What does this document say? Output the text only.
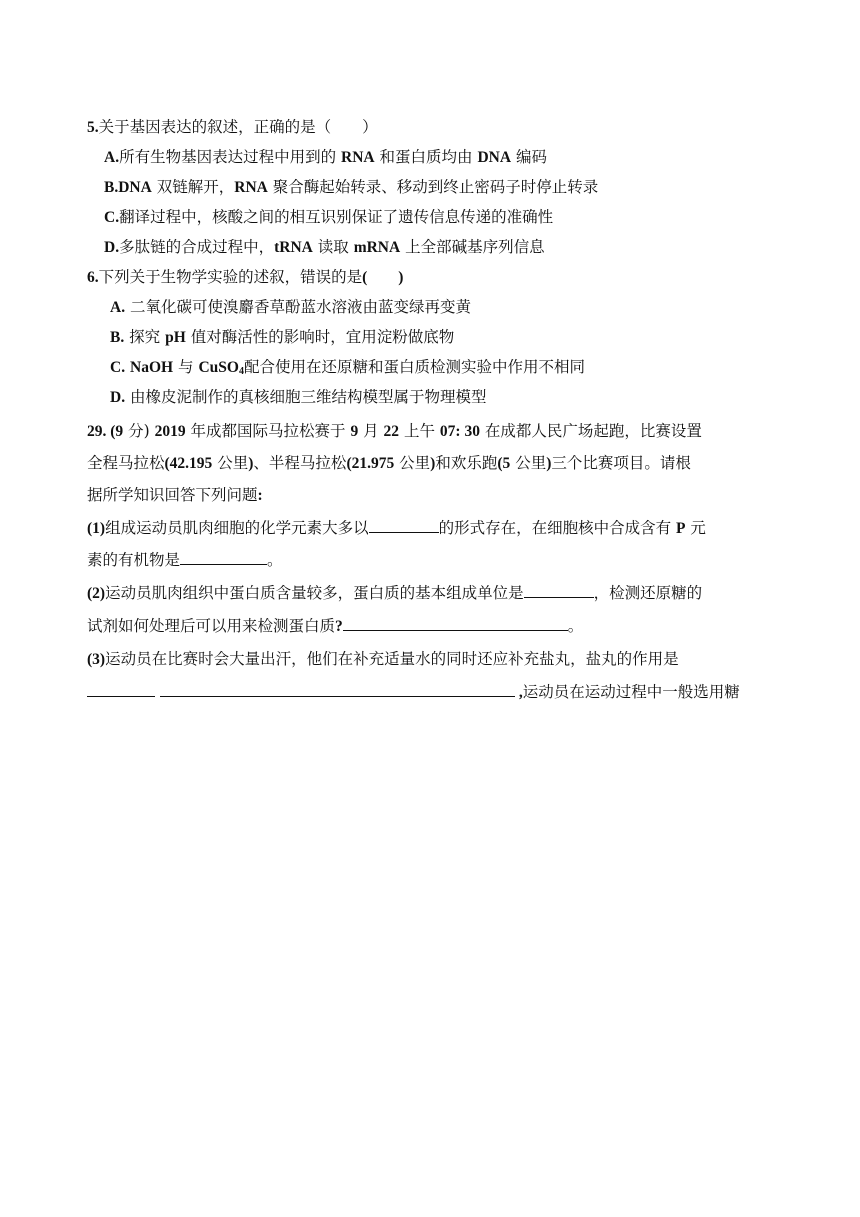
5.关于基因表达的叙述，正确的是（　　）
A.所有生物基因表达过程中用到的 RNA 和蛋白质均由 DNA 编码
B.DNA 双链解开，RNA 聚合酶起始转录、移动到终止密码子时停止转录
C.翻译过程中，核酸之间的相互识别保证了遗传信息传递的准确性
D.多肽链的合成过程中，tRNA 读取 mRNA 上全部碱基序列信息
6.下列关于生物学实验的述叙，错误的是(　　)
A. 二氧化碳可使溴麝香草酚蓝水溶液由蓝变绿再变黄
B. 探究 pH 值对酶活性的影响时，宜用淀粉做底物
C. NaOH 与 CuSO$_4$配合使用在还原糖和蛋白质检测实验中作用不相同
D. 由橡皮泥制作的真核细胞三维结构模型属于物理模型
29. (9 分) 2019 年成都国际马拉松赛于 9 月 22 上午 07: 30 在成都人民广场起跑，比赛设置
全程马拉松(42.195 公里)、半程马拉松(21.975 公里)和欢乐跑(5 公里)三个比赛项目。请根
据所学知识回答下列问题:
(1)组成运动员肌肉细胞的化学元素大多以	的形式存在，在细胞核中合成含有 P 元
素的有机物是	。
(2)运动员肌肉组织中蛋白质含量较多，蛋白质的基本组成单位是	，检测还原糖的
试剂如何处理后可以用来检测蛋白质?	。
(3)运动员在比赛时会大量出汗，他们在补充适量水的同时还应补充盐丸，盐丸的作用是
,运动员在运动过程中一般选用糖
